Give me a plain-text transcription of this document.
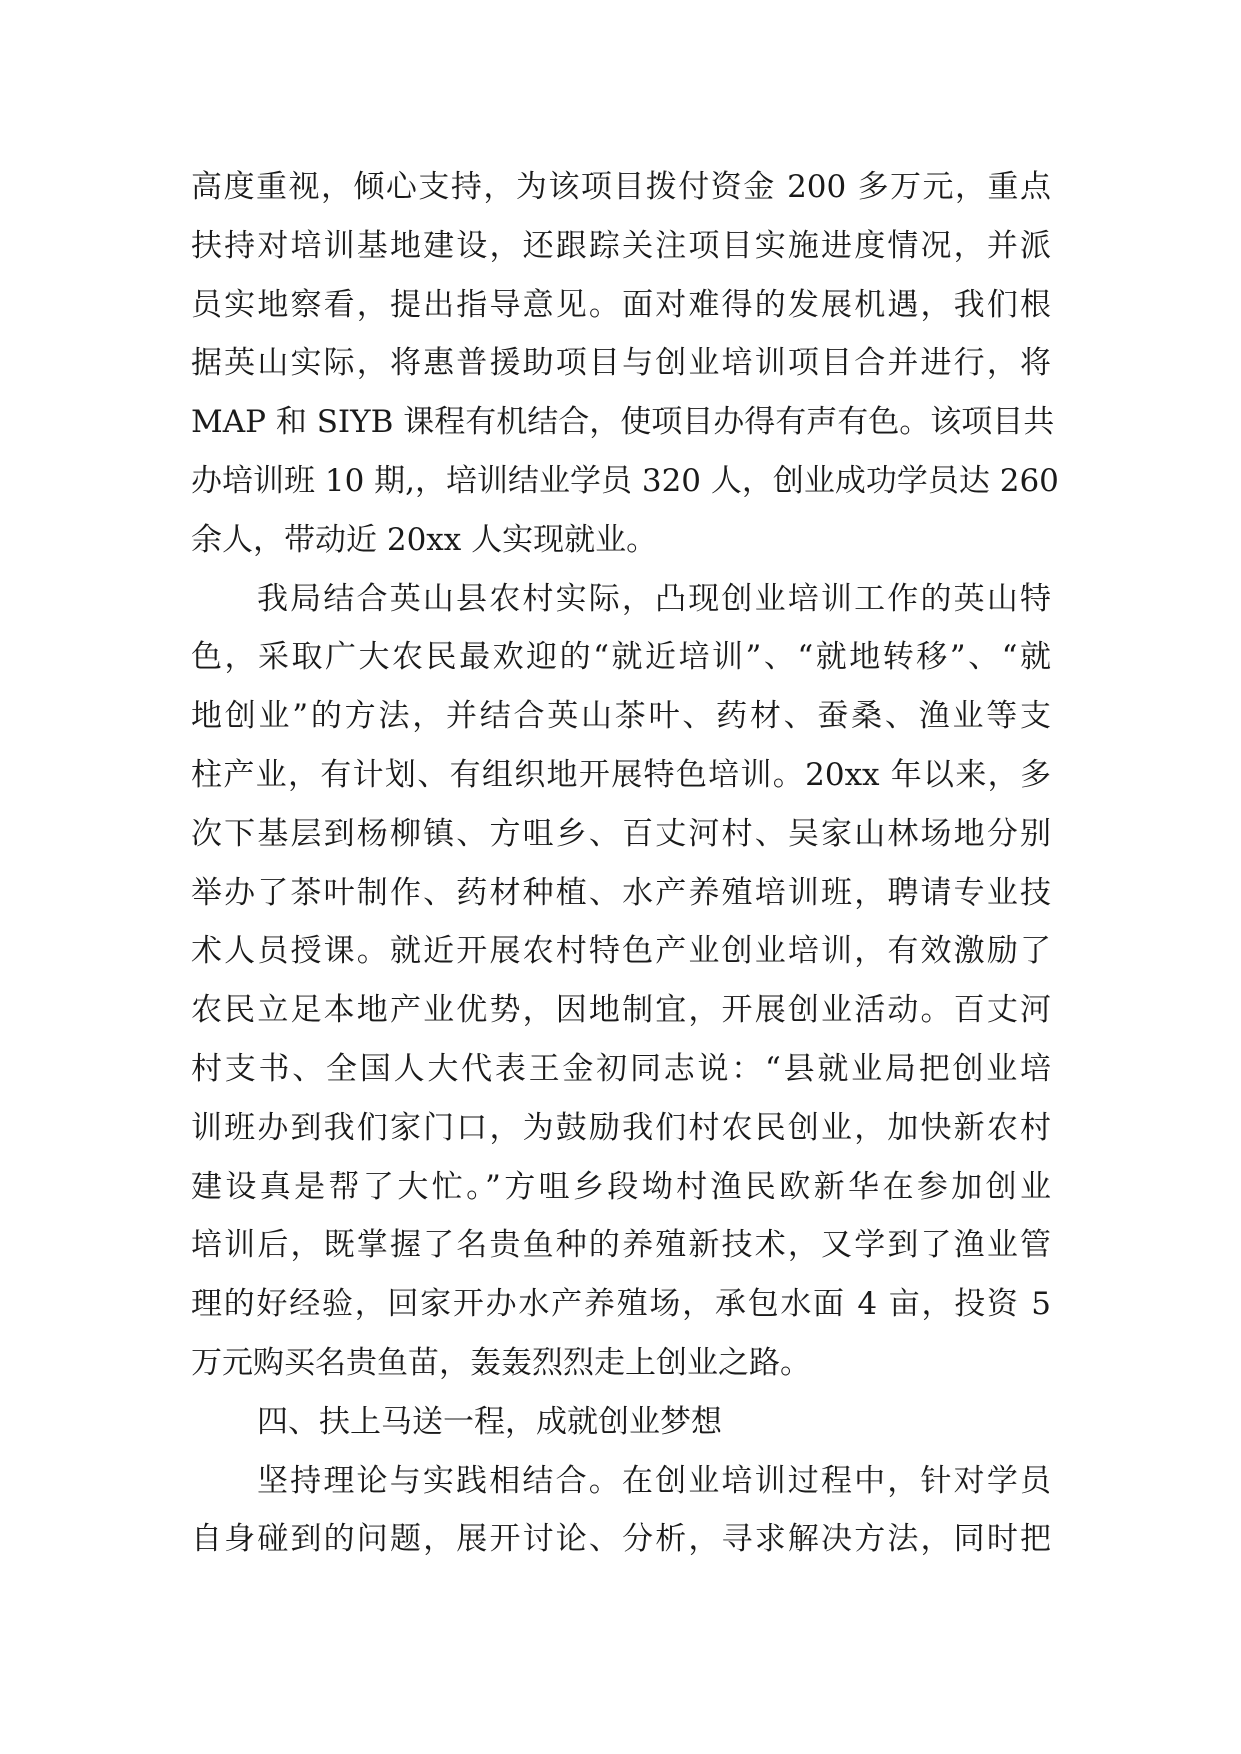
高度重视，倾心支持，为该项目拨付资金 200 多万元，重点
扶持对培训基地建设，还跟踪关注项目实施进度情况，并派
员实地察看，提出指导意见。面对难得的发展机遇，我们根
据英山实际，将惠普援助项目与创业培训项目合并进行，将
MAP 和 SIYB 课程有机结合，使项目办得有声有色。该项目共
办培训班 10 期,，培训结业学员 320 人，创业成功学员达 260
余人，带动近 20xx 人实现就业。
我局结合英山县农村实际，凸现创业培训工作的英山特
色，采取广大农民最欢迎的“就近培训”、“就地转移”、“就
地创业”的方法，并结合英山茶叶、药材、蚕桑、渔业等支
柱产业，有计划、有组织地开展特色培训。20xx 年以来，多
次下基层到杨柳镇、方咀乡、百丈河村、吴家山林场地分别
举办了茶叶制作、药材种植、水产养殖培训班，聘请专业技
术人员授课。就近开展农村特色产业创业培训，有效激励了
农民立足本地产业优势，因地制宜，开展创业活动。百丈河
村支书、全国人大代表王金初同志说：“县就业局把创业培
训班办到我们家门口，为鼓励我们村农民创业，加快新农村
建设真是帮了大忙。”方咀乡段坳村渔民欧新华在参加创业
培训后，既掌握了名贵鱼种的养殖新技术，又学到了渔业管
理的好经验，回家开办水产养殖场，承包水面 4 亩，投资 5
万元购买名贵鱼苗，轰轰烈烈走上创业之路。
四、扶上马送一程，成就创业梦想
坚持理论与实践相结合。在创业培训过程中，针对学员
自身碰到的问题，展开讨论、分析，寻求解决方法，同时把
